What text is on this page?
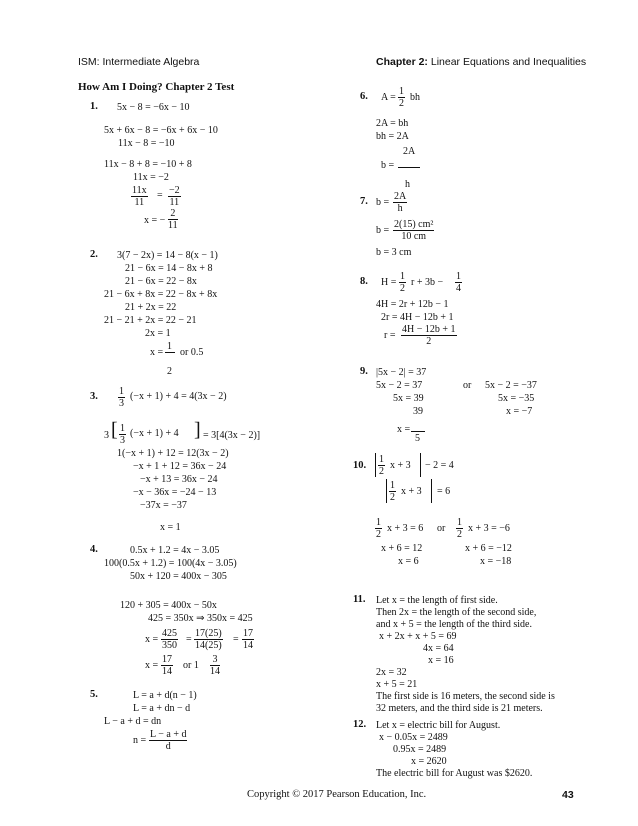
ISM: Intermediate Algebra	Chapter 2: Linear Equations and Inequalities
How Am I Doing? Chapter 2 Test
1.
2.
3.
4.
5.
6.
7.
8.
9.
10.
11.
12.
5x − 8 = −6x − 10
5x + 6x − 8 = −6x + 6x − 10
11x − 8 = −10
11x − 8 + 8 = −10 + 8
11x = −2
$\frac{11x}{11} = \frac{-2}{11}$
x = − $\frac{2}{11}$
3(7 − 2x) = 14 − 8(x − 1)
21 − 6x = 14 − 8x + 8
21 − 6x = 22 − 8x
21 − 6x + 8x = 22 − 8x + 8x
21 + 2x = 22
21 − 21 + 2x = 22 − 21
2x = 1
x =
1
or 0.5
2
$\frac{1}{3} (-x + 1) + 4 = 4(3x - 2)$
3 [ $\frac{1}{3} (-x + 1) + 4$ ] = 3[4(3x − 2)]
1(−x + 1) + 12 = 12(3x − 2)
−x + 1 + 12 = 36x − 24
−x + 13 = 36x − 24
−x − 36x = −24 − 13
−37x = −37
x = 1
0.5x + 1.2 = 4x − 3.05
100(0.5x + 1.2) = 100(4x − 3.05)
50x + 120 = 400x − 305
120 + 305 = 400x − 50x
425 = 350x ⇒ 350x = 425
$x = \frac{425}{350} = \frac{17(25)}{14(25)} = \frac{17}{14}$
$x = \frac{17}{14}$ or $1 \frac{3}{14}$
L = a + d(n − 1)
L = a + dn − d
L − a + d = dn
$n = \frac{L - a + d}{d}$
$A = \frac{1}{2}$ bh
2A = bh
bh = 2A
2A
b =
h
$b = \frac{2A}{h}$
$b = \frac{\text{2(15) cm²}}{10 cm}$
b = 3 cm
$H = \frac{1}{2}$ $r + 3b - \frac{1}{4}$
4H = 2r + 12b − 1
2r = 4H − 12b + 1
$r = \frac{4H - 12b + 1}{2}$
|5x − 2| = 37
5x − 2 = 37	or 5x − 2 = −37
5x = 39	5x = −35
39	x = −7
x =
5
$\frac{1}{2}$ x + 3 − 2 = 4
$\frac{1}{2}$ x + 3 = 6
$\frac{1}{2}$ x + 3 = 6 or $\frac{1}{2}$ x + 3 = −6
x + 6 = 12	x + 6 = −12
x = 6	x = −18
Let x = the length of first side.
Then 2x = the length of the second side,
and x + 5 = the length of the third side.
x + 2x + x + 5 = 69
4x = 64
x = 16
2x = 32
x + 5 = 21
The first side is 16 meters, the second side is
32 meters, and the third side is 21 meters.
Let x = electric bill for August.
x − 0.05x = 2489
0.95x = 2489
x = 2620
The electric bill for August was $2620.
Copyright © 2017 Pearson Education, Inc.	43
